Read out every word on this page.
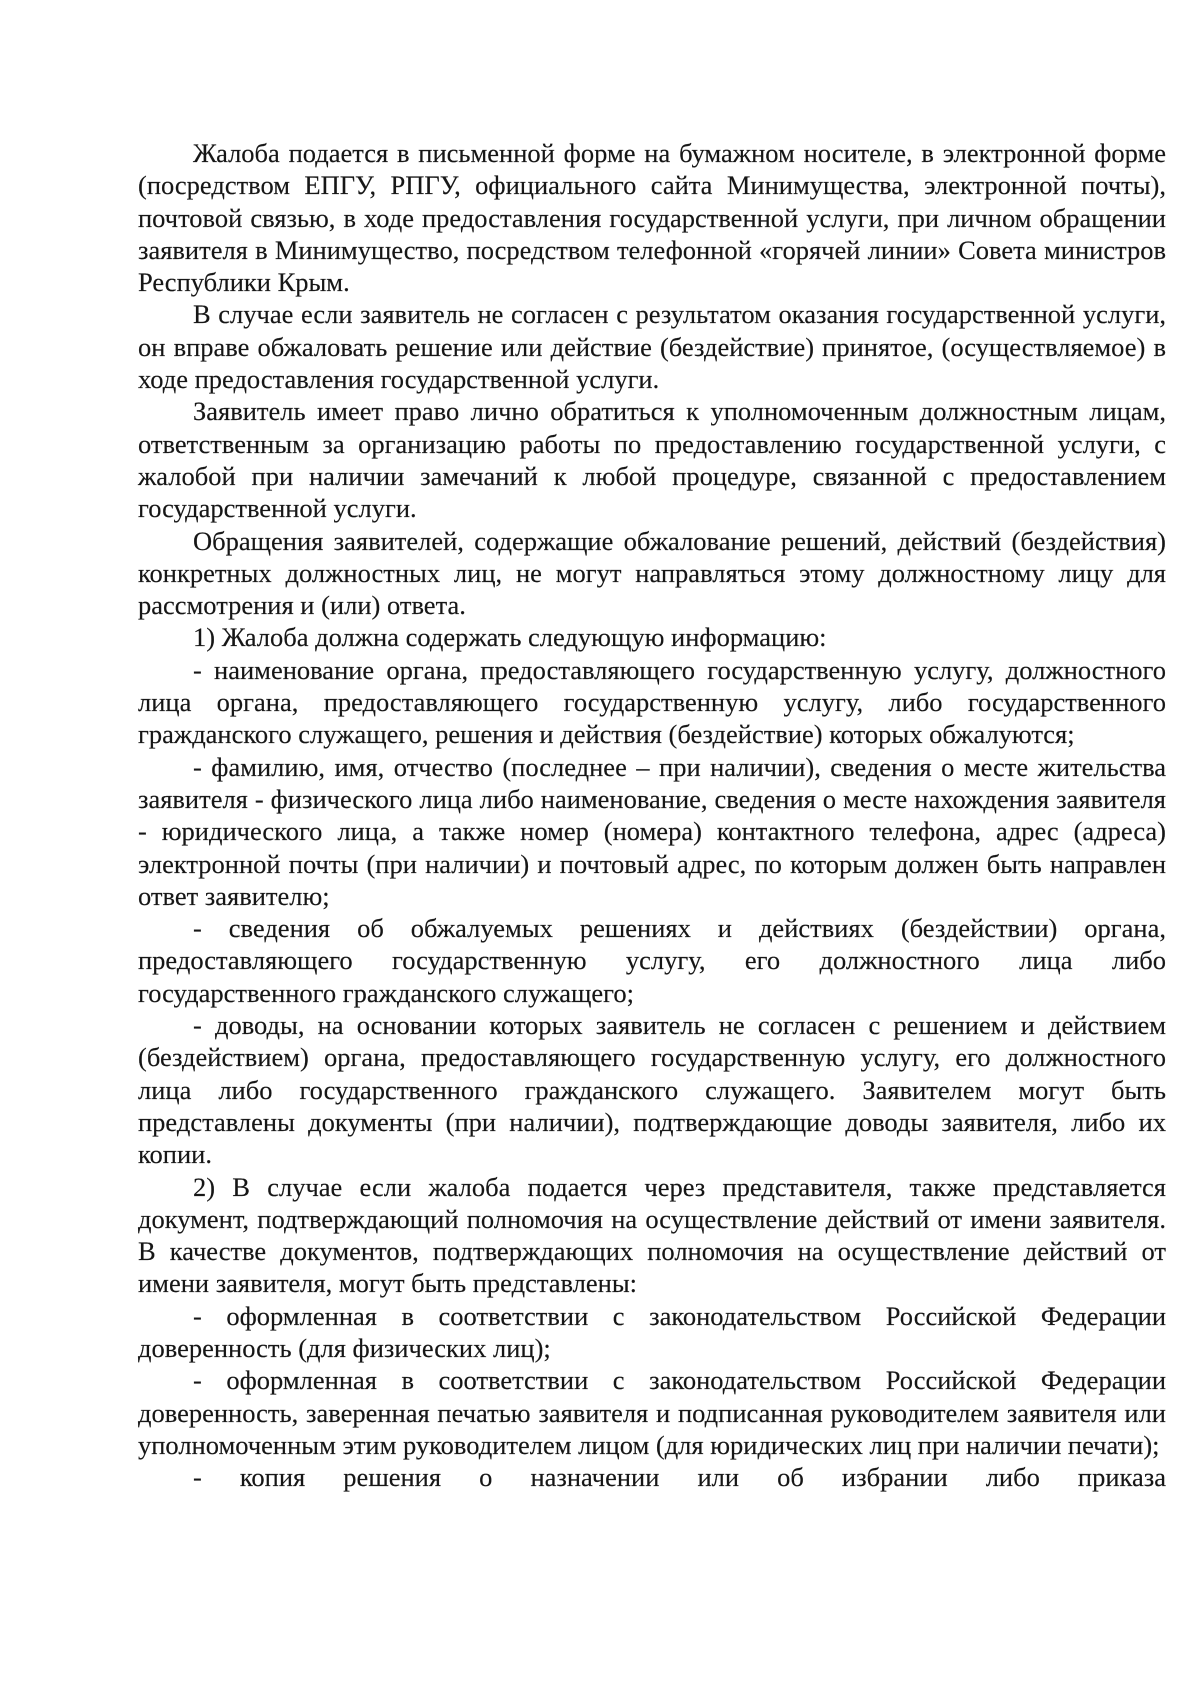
Жалоба подается в письменной форме на бумажном носителе, в электронной форме (посредством ЕПГУ, РПГУ, официального сайта Минимущества, электронной почты), почтовой связью, в ходе предоставления государственной услуги, при личном обращении заявителя в Минимущество, посредством телефонной «горячей линии» Совета министров Республики Крым.

В случае если заявитель не согласен с результатом оказания государственной услуги, он вправе обжаловать решение или действие (бездействие) принятое, (осуществляемое) в ходе предоставления государственной услуги.

Заявитель имеет право лично обратиться к уполномоченным должностным лицам, ответственным за организацию работы по предоставлению государственной услуги, с жалобой при наличии замечаний к любой процедуре, связанной с предоставлением государственной услуги.

Обращения заявителей, содержащие обжалование решений, действий (бездействия) конкретных должностных лиц, не могут направляться этому должностному лицу для рассмотрения и (или) ответа.

1) Жалоба должна содержать следующую информацию:

- наименование органа, предоставляющего государственную услугу, должностного лица органа, предоставляющего государственную услугу, либо государственного гражданского служащего, решения и действия (бездействие) которых обжалуются;

- фамилию, имя, отчество (последнее – при наличии), сведения о месте жительства заявителя - физического лица либо наименование, сведения о месте нахождения заявителя - юридического лица, а также номер (номера) контактного телефона, адрес (адреса) электронной почты (при наличии) и почтовый адрес, по которым должен быть направлен ответ заявителю;

- сведения об обжалуемых решениях и действиях (бездействии) органа, предоставляющего государственную услугу, его должностного лица либо государственного гражданского служащего;

- доводы, на основании которых заявитель не согласен с решением и действием (бездействием) органа, предоставляющего государственную услугу, его должностного лица либо государственного гражданского служащего. Заявителем могут быть представлены документы (при наличии), подтверждающие доводы заявителя, либо их копии.

2) В случае если жалоба подается через представителя, также представляется документ, подтверждающий полномочия на осуществление действий от имени заявителя. В качестве документов, подтверждающих полномочия на осуществление действий от имени заявителя, могут быть представлены:

- оформленная в соответствии с законодательством Российской Федерации доверенность (для физических лиц);

- оформленная в соответствии с законодательством Российской Федерации доверенность, заверенная печатью заявителя и подписанная руководителем заявителя или уполномоченным этим руководителем лицом (для юридических лиц при наличии печати);

- копия решения о назначении или об избрании либо приказа
